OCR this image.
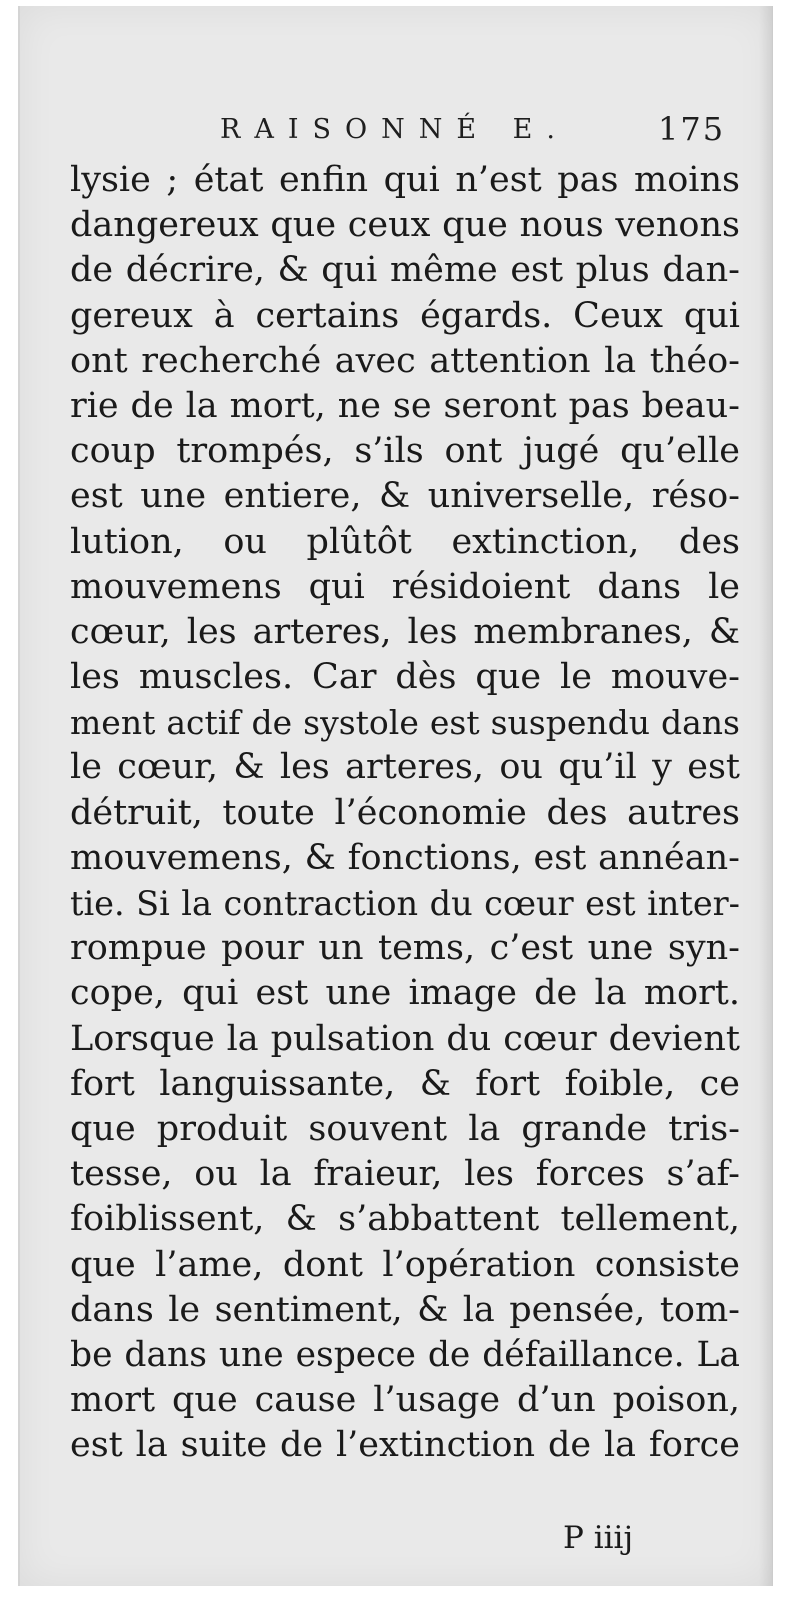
RAISONNÉ E.	175
lysie ; état enfin qui n’est pas moins
dangereux que ceux que nous venons
de décrire, & qui même est plus dan-
gereux à certains égards. Ceux qui
ont recherché avec attention la théo-
rie de la mort, ne se seront pas beau-
coup trompés, s’ils ont jugé qu’elle
est une entiere, & universelle, réso-
lution, ou plûtôt extinction, des
mouvemens qui résidoient dans le
cœur, les arteres, les membranes, &
les muscles. Car dès que le mouve-
ment actif de systole est suspendu dans
le cœur, & les arteres, ou qu’il y est
détruit, toute l’économie des autres
mouvemens, & fonctions, est annéan-
tie. Si la contraction du cœur est inter-
rompue pour un tems, c’est une syn-
cope, qui est une image de la mort.
Lorsque la pulsation du cœur devient
fort languissante, & fort foible, ce
que produit souvent la grande tris-
tesse, ou la fraieur, les forces s’af-
foiblissent, & s’abbattent tellement,
que l’ame, dont l’opération consiste
dans le sentiment, & la pensée, tom-
be dans une espece de défaillance. La
mort que cause l’usage d’un poison,
est la suite de l’extinction de la force
P iiij
